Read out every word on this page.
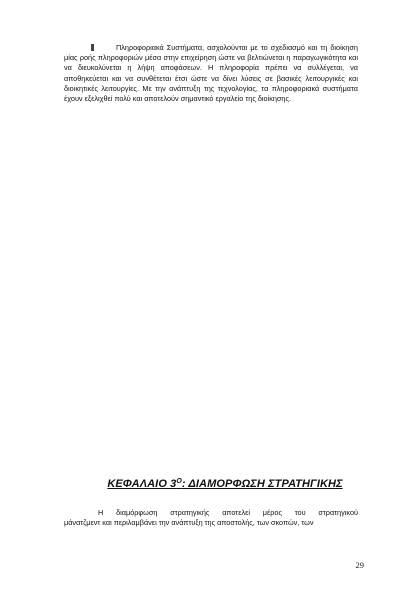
Πληροφοριακά Συστήματα, ασχολούνται με το σχεδιασμό και τη διοίκηση μίας ροής πληροφοριών μέσα στην επιχείρηση ώστε να βελτιώνεται η παραγωγικότητα και να διευκολύνεται η λήψη αποφάσεων. Η πληροφορία πρέπει να συλλέγεται, να αποθηκεύεται και να συνθέτεται έτσι ώστε να δίνει λύσεις σε βασικές λειτουργικές και διοικητικές λειτουργίες. Με την ανάπτυξη της τεχνολογίας, τα πληροφοριακά συστήματα έχουν εξελιχθεί πολύ και αποτελούν σημαντικό εργαλείο της διοίκησης.

ΚΕΦΑΛΑΙΟ $3^O$: ΔΙΑΜΟΡΦΩΣΗ ΣΤΡΑΤΗΓΙΚΗΣ

Η διαμόρφωση στρατηγικής αποτελεί μέρος του στρατηγικού
μάνατζμεντ και περιλαμβάνει την ανάπτυξη της αποστολής, των σκοπών, των

29
